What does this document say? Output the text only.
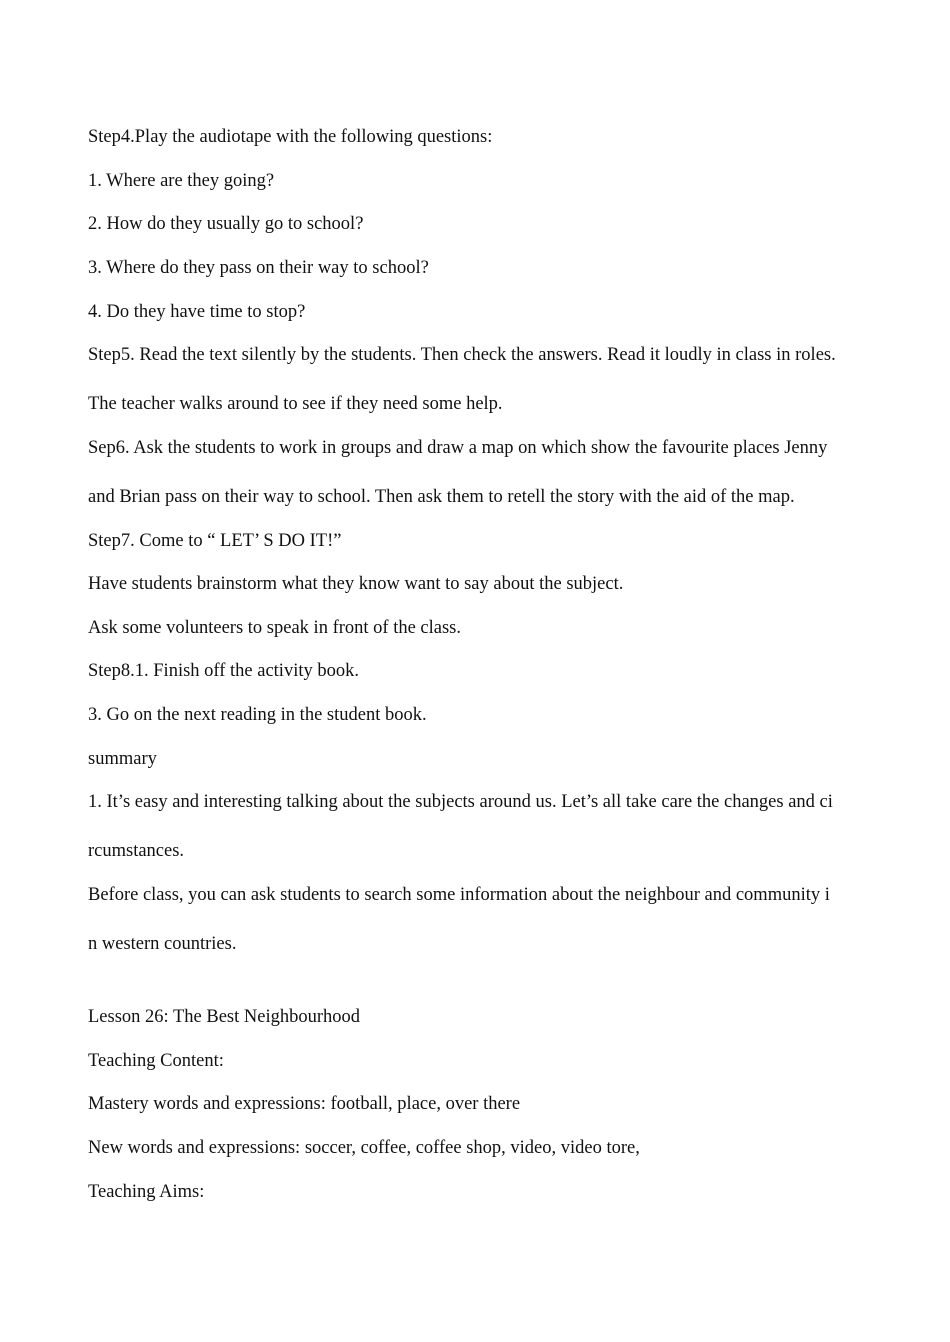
Step4.Play the audiotape with the following questions:
1. Where are they going?
2. How do they usually go to school?
3. Where do they pass on their way to school?
4. Do they have time to stop?
Step5. Read the text silently by the students. Then check the answers. Read it loudly in class in roles.
The teacher walks around to see if they need some help.
Sep6. Ask the students to work in groups and draw a map on which show the favourite places Jenny
and Brian pass on their way to school. Then ask them to retell the story with the aid of the map.
Step7. Come to “ LET’ S DO IT!”
Have students brainstorm what they know want to say about the subject.
Ask some volunteers to speak in front of the class.
Step8.1. Finish off the activity book.
3. Go on the next reading in the student book.
summary
1. It’s easy and interesting talking about the subjects around us. Let’s all take care the changes and ci
rcumstances.
Before class, you can ask students to search some information about the neighbour and community i
n western countries.
Lesson 26: The Best Neighbourhood
Teaching Content:
Mastery words and expressions: football, place, over there
New words and expressions: soccer, coffee, coffee shop, video, video tore,
Teaching Aims:
